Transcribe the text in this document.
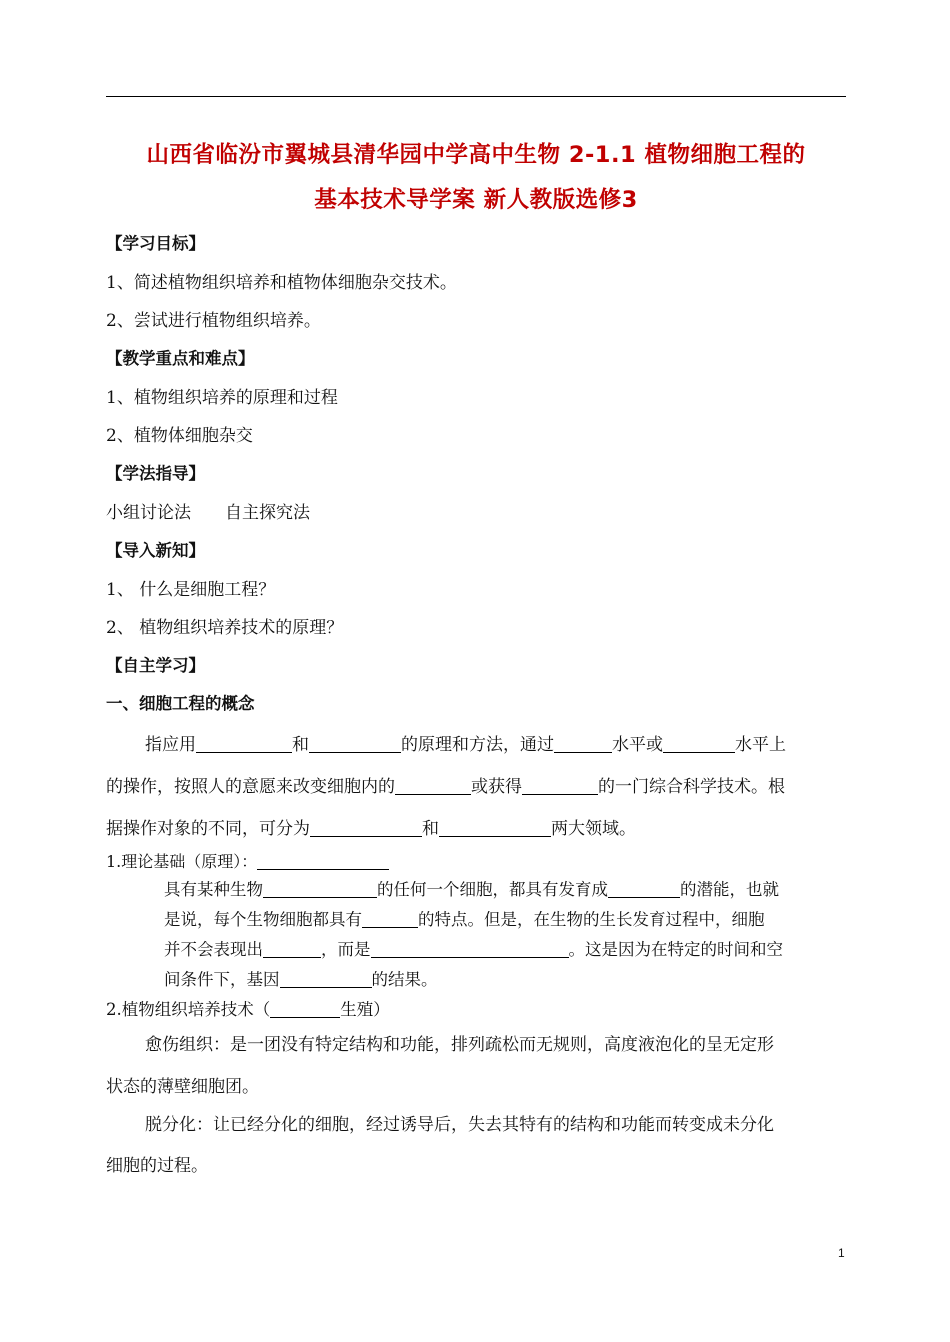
山西省临汾市翼城县清华园中学高中生物 2-1.1 植物细胞工程的
基本技术导学案 新人教版选修3
【学习目标】
1、简述植物组织培养和植物体细胞杂交技术。
2、尝试进行植物组织培养。
【教学重点和难点】
1、植物组织培养的原理和过程
2、植物体细胞杂交
【学法指导】
小组讨论法　　自主探究法
【导入新知】
1、 什么是细胞工程？
2、 植物组织培养技术的原理？
【自主学习】
一、细胞工程的概念
指应用	和	的原理和方法，通过	水平或	水平上
的操作，按照人的意愿来改变细胞内的	或获得	的一门综合科学技术。根
据操作对象的不同，可分为	和	两大领域。
1.理论基础（原理）：
具有某种生物	的任何一个细胞，都具有发育成	的潜能，也就
是说，每个生物细胞都具有	的特点。但是，在生物的生长发育过程中，细胞
并不会表现出	，而是	。这是因为在特定的时间和空
间条件下，基因	的结果。
2.植物组织培养技术（	生殖）
愈伤组织：是一团没有特定结构和功能，排列疏松而无规则，高度液泡化的呈无定形
状态的薄壁细胞团。
脱分化：让已经分化的细胞，经过诱导后，失去其特有的结构和功能而转变成未分化
细胞的过程。
1
